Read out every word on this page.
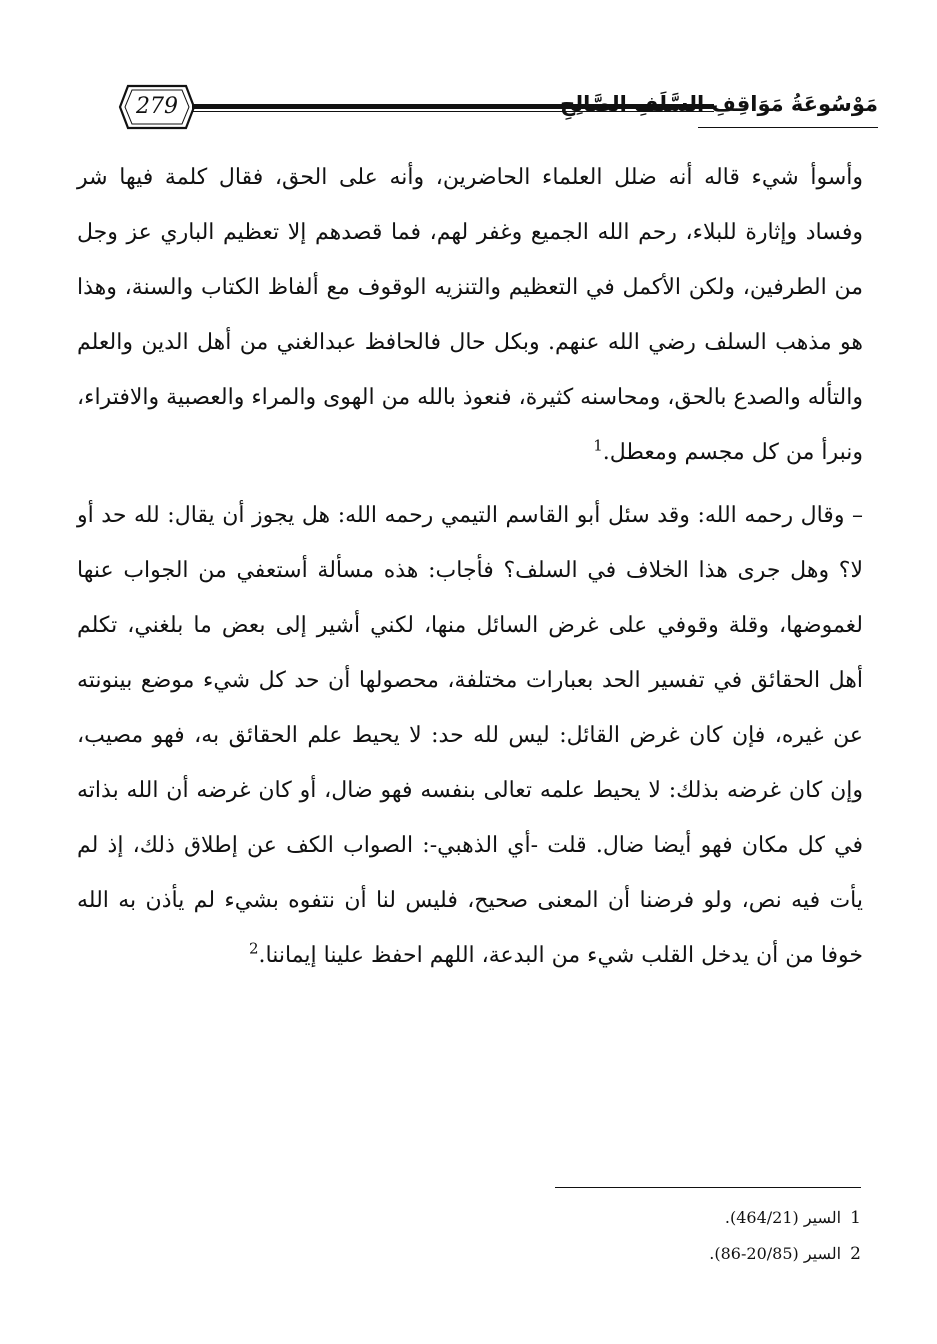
279	مَوْسُوعَةُ مَوَاقِفِ السَّلَفِ الصَّالِحِ

وأسوأ شيء قاله أنه ضلل العلماء الحاضرين، وأنه على الحق، فقال كلمة فيها شر وفساد وإثارة للبلاء، رحم الله الجميع وغفر لهم، فما قصدهم إلا تعظيم الباري عز وجل من الطرفين، ولكن الأكمل في التعظيم والتنزيه الوقوف مع ألفاظ الكتاب والسنة، وهذا هو مذهب السلف رضي الله عنهم. وبكل حال فالحافظ عبدالغني من أهل الدين والعلم والتأله والصدع بالحق، ومحاسنه كثيرة، فنعوذ بالله من الهوى والمراء والعصبية والافتراء، ونبرأ من كل مجسم ومعطل.$^1$

– وقال رحمه الله: وقد سئل أبو القاسم التيمي رحمه الله: هل يجوز أن يقال: لله حد أو لا؟ وهل جرى هذا الخلاف في السلف؟ فأجاب: هذه مسألة أستعفي من الجواب عنها لغموضها، وقلة وقوفي على غرض السائل منها، لكني أشير إلى بعض ما بلغني، تكلم أهل الحقائق في تفسير الحد بعبارات مختلفة، محصولها أن حد كل شيء موضع بينونته عن غيره، فإن كان غرض القائل: ليس لله حد: لا يحيط علم الحقائق به، فهو مصيب، وإن كان غرضه بذلك: لا يحيط علمه تعالى بنفسه فهو ضال، أو كان غرضه أن الله بذاته في كل مكان فهو أيضا ضال. قلت -أي الذهبي-: الصواب الكف عن إطلاق ذلك، إذ لم يأت فيه نص، ولو فرضنا أن المعنى صحيح، فليس لنا أن نتفوه بشيء لم يأذن به الله خوفا من أن يدخل القلب شيء من البدعة، اللهم احفظ علينا إيماننا.$^2$

1 السير (464/21).

2 السير (20/85-86).
